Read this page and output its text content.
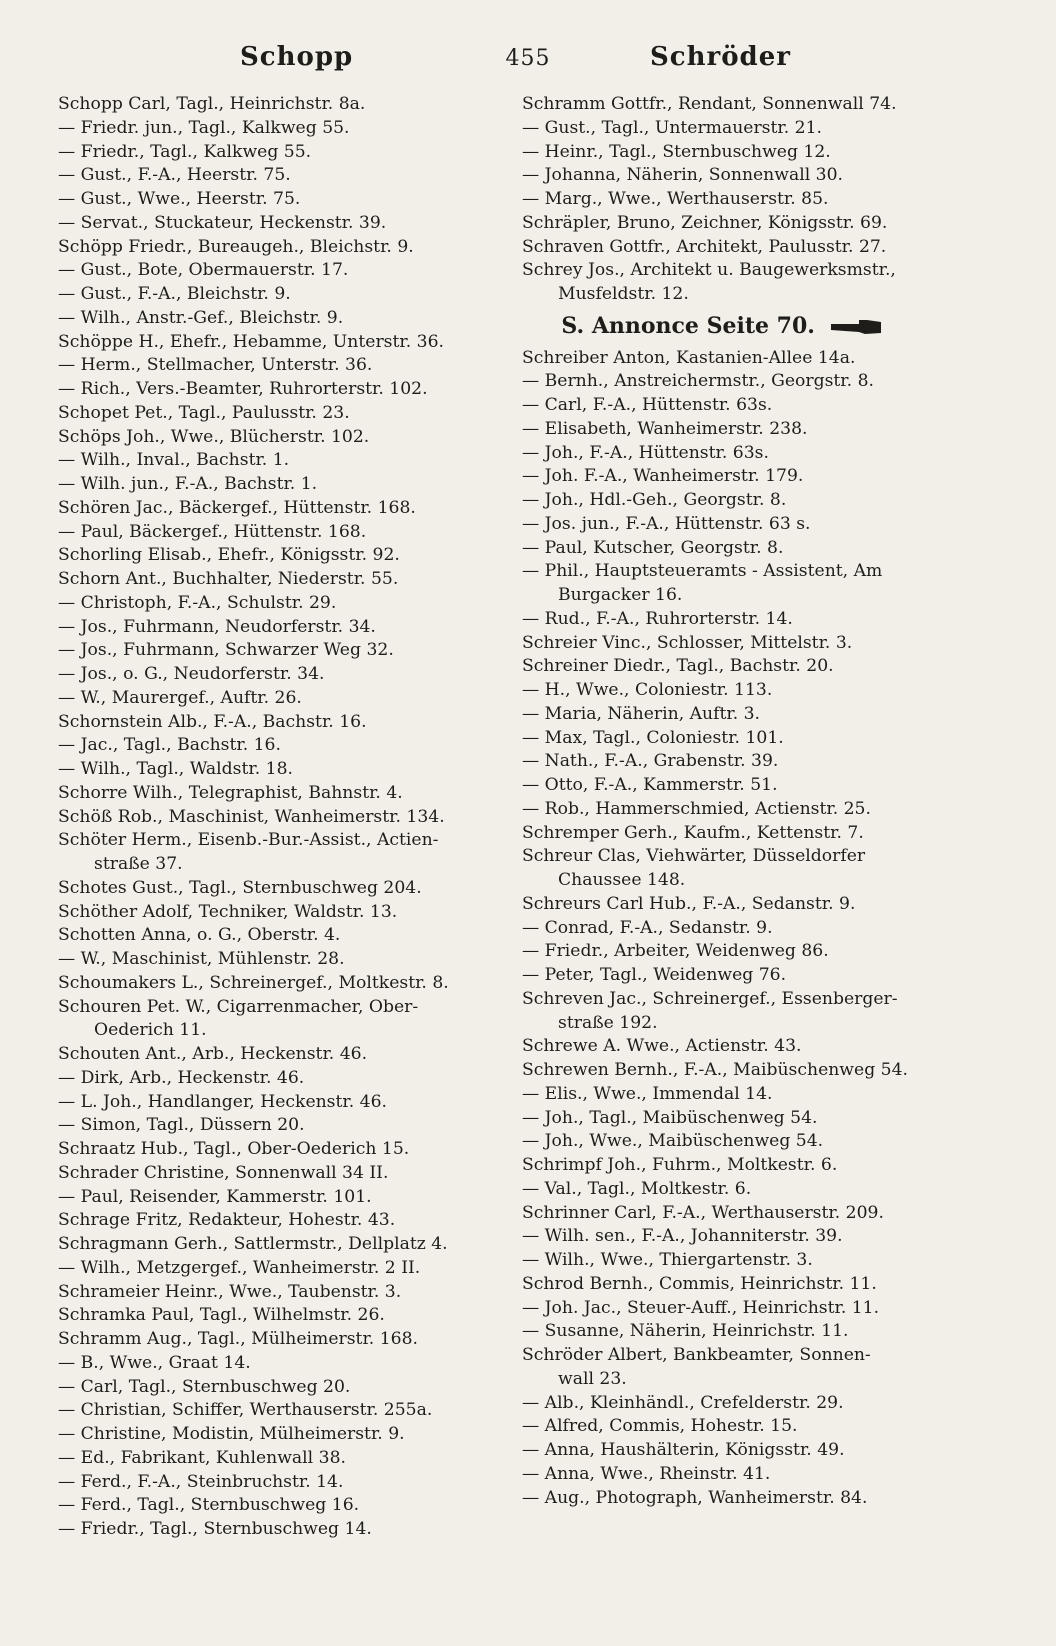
Schopp	455	Schröder
Schopp Carl, Tagl., Heinrichstr. 8a.
— Friedr. jun., Tagl., Kalkweg 55.
— Friedr., Tagl., Kalkweg 55.
— Gust., F.-A., Heerstr. 75.
— Gust., Wwe., Heerstr. 75.
— Servat., Stuckateur, Heckenstr. 39.
Schöpp Friedr., Bureaugeh., Bleichstr. 9.
— Gust., Bote, Obermauerstr. 17.
— Gust., F.-A., Bleichstr. 9.
— Wilh., Anstr.-Gef., Bleichstr. 9.
Schöppe H., Ehefr., Hebamme, Unterstr. 36.
— Herm., Stellmacher, Unterstr. 36.
— Rich., Vers.-Beamter, Ruhrorterstr. 102.
Schopet Pet., Tagl., Paulusstr. 23.
Schöps Joh., Wwe., Blücherstr. 102.
— Wilh., Inval., Bachstr. 1.
— Wilh. jun., F.-A., Bachstr. 1.
Schören Jac., Bäckergef., Hüttenstr. 168.
— Paul, Bäckergef., Hüttenstr. 168.
Schorling Elisab., Ehefr., Königsstr. 92.
Schorn Ant., Buchhalter, Niederstr. 55.
— Christoph, F.-A., Schulstr. 29.
— Jos., Fuhrmann, Neudorferstr. 34.
— Jos., Fuhrmann, Schwarzer Weg 32.
— Jos., o. G., Neudorferstr. 34.
— W., Maurergef., Auftr. 26.
Schornstein Alb., F.-A., Bachstr. 16.
— Jac., Tagl., Bachstr. 16.
— Wilh., Tagl., Waldstr. 18.
Schorre Wilh., Telegraphist, Bahnstr. 4.
Schöß Rob., Maschinist, Wanheimerstr. 134.
Schöter Herm., Eisenb.-Bur.-Assist., Actien-
straße 37.
Schotes Gust., Tagl., Sternbuschweg 204.
Schöther Adolf, Techniker, Waldstr. 13.
Schotten Anna, o. G., Oberstr. 4.
— W., Maschinist, Mühlenstr. 28.
Schoumakers L., Schreinergef., Moltkestr. 8.
Schouren Pet. W., Cigarrenmacher, Ober-
Oederich 11.
Schouten Ant., Arb., Heckenstr. 46.
— Dirk, Arb., Heckenstr. 46.
— L. Joh., Handlanger, Heckenstr. 46.
— Simon, Tagl., Düssern 20.
Schraatz Hub., Tagl., Ober-Oederich 15.
Schrader Christine, Sonnenwall 34 II.
— Paul, Reisender, Kammerstr. 101.
Schrage Fritz, Redakteur, Hohestr. 43.
Schragmann Gerh., Sattlermstr., Dellplatz 4.
— Wilh., Metzgergef., Wanheimerstr. 2 II.
Schrameier Heinr., Wwe., Taubenstr. 3.
Schramka Paul, Tagl., Wilhelmstr. 26.
Schramm Aug., Tagl., Mülheimerstr. 168.
— B., Wwe., Graat 14.
— Carl, Tagl., Sternbuschweg 20.
— Christian, Schiffer, Werthauserstr. 255a.
— Christine, Modistin, Mülheimerstr. 9.
— Ed., Fabrikant, Kuhlenwall 38.
— Ferd., F.-A., Steinbruchstr. 14.
— Ferd., Tagl., Sternbuschweg 16.
— Friedr., Tagl., Sternbuschweg 14.
Schramm Gottfr., Rendant, Sonnenwall 74.
— Gust., Tagl., Untermauerstr. 21.
— Heinr., Tagl., Sternbuschweg 12.
— Johanna, Näherin, Sonnenwall 30.
— Marg., Wwe., Werthauserstr. 85.
Schräpler, Bruno, Zeichner, Königsstr. 69.
Schraven Gottfr., Architekt, Paulusstr. 27.
Schrey Jos., Architekt u. Baugewerksmstr.,
Musfeldstr. 12.
S. Annonce Seite 70.
Schreiber Anton, Kastanien-Allee 14a.
— Bernh., Anstreichermstr., Georgstr. 8.
— Carl, F.-A., Hüttenstr. 63s.
— Elisabeth, Wanheimerstr. 238.
— Joh., F.-A., Hüttenstr. 63s.
— Joh. F.-A., Wanheimerstr. 179.
— Joh., Hdl.-Geh., Georgstr. 8.
— Jos. jun., F.-A., Hüttenstr. 63 s.
— Paul, Kutscher, Georgstr. 8.
— Phil., Hauptsteueramts - Assistent, Am
Burgacker 16.
— Rud., F.-A., Ruhrorterstr. 14.
Schreier Vinc., Schlosser, Mittelstr. 3.
Schreiner Diedr., Tagl., Bachstr. 20.
— H., Wwe., Coloniestr. 113.
— Maria, Näherin, Auftr. 3.
— Max, Tagl., Coloniestr. 101.
— Nath., F.-A., Grabenstr. 39.
— Otto, F.-A., Kammerstr. 51.
— Rob., Hammerschmied, Actienstr. 25.
Schremper Gerh., Kaufm., Kettenstr. 7.
Schreur Clas, Viehwärter, Düsseldorfer
Chaussee 148.
Schreurs Carl Hub., F.-A., Sedanstr. 9.
— Conrad, F.-A., Sedanstr. 9.
— Friedr., Arbeiter, Weidenweg 86.
— Peter, Tagl., Weidenweg 76.
Schreven Jac., Schreinergef., Essenberger-
straße 192.
Schrewe A. Wwe., Actienstr. 43.
Schrewen Bernh., F.-A., Maibüschenweg 54.
— Elis., Wwe., Immendal 14.
— Joh., Tagl., Maibüschenweg 54.
— Joh., Wwe., Maibüschenweg 54.
Schrimpf Joh., Fuhrm., Moltkestr. 6.
— Val., Tagl., Moltkestr. 6.
Schrinner Carl, F.-A., Werthauserstr. 209.
— Wilh. sen., F.-A., Johanniterstr. 39.
— Wilh., Wwe., Thiergartenstr. 3.
Schrod Bernh., Commis, Heinrichstr. 11.
— Joh. Jac., Steuer-Auff., Heinrichstr. 11.
— Susanne, Näherin, Heinrichstr. 11.
Schröder Albert, Bankbeamter, Sonnen-
wall 23.
— Alb., Kleinhändl., Crefelderstr. 29.
— Alfred, Commis, Hohestr. 15.
— Anna, Haushälterin, Königsstr. 49.
— Anna, Wwe., Rheinstr. 41.
— Aug., Photograph, Wanheimerstr. 84.
